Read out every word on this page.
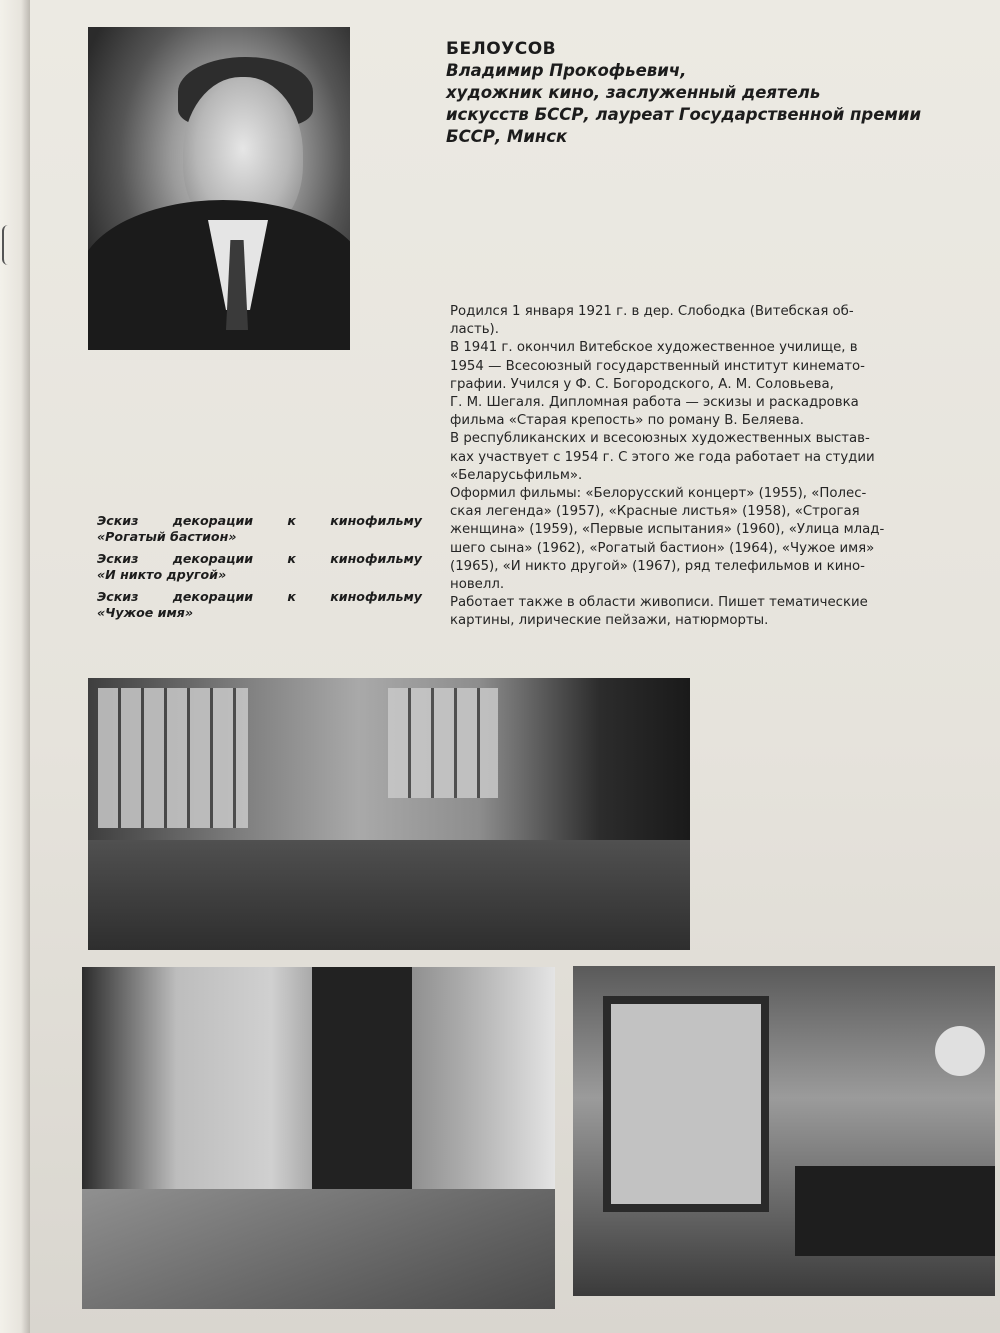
БЕЛОУСОВ
Владимир Прокофьевич,
художник кино, заслуженный деятель
искусств БССР, лауреат Государственной премии
БССР, Минск

Родился 1 января 1921 г. в дер. Слободка (Витебская об-

ласть).

В 1941 г. окончил Витебское художественное училище, в

1954 — Всесоюзный государственный институт кинемато-

графии. Учился у Ф. С. Богородского, А. М. Соловьева,

Г. М. Шегаля. Дипломная работа — эскизы и раскадровка

фильма «Старая крепость» по роману В. Беляева.

В республиканских и всесоюзных художественных выстав-

ках участвует с 1954 г. С этого же года работает на студии

«Беларусьфильм».

Оформил фильмы: «Белорусский концерт» (1955), «Полес-

ская легенда» (1957), «Красные листья» (1958), «Строгая

женщина» (1959), «Первые испытания» (1960), «Улица млад-

шего сына» (1962), «Рогатый бастион» (1964), «Чужое имя»

(1965), «И никто другой» (1967), ряд телефильмов и кино-

новелл.

Работает также в области живописи. Пишет тематические

картины, лирические пейзажи, натюрморты.

Эскиз	декорации	к	кинофильму
«Рогатый бастион»
Эскиз	декорации	к	кинофильму
«И никто другой»
Эскиз	декорации	к	кинофильму
«Чужое имя»
